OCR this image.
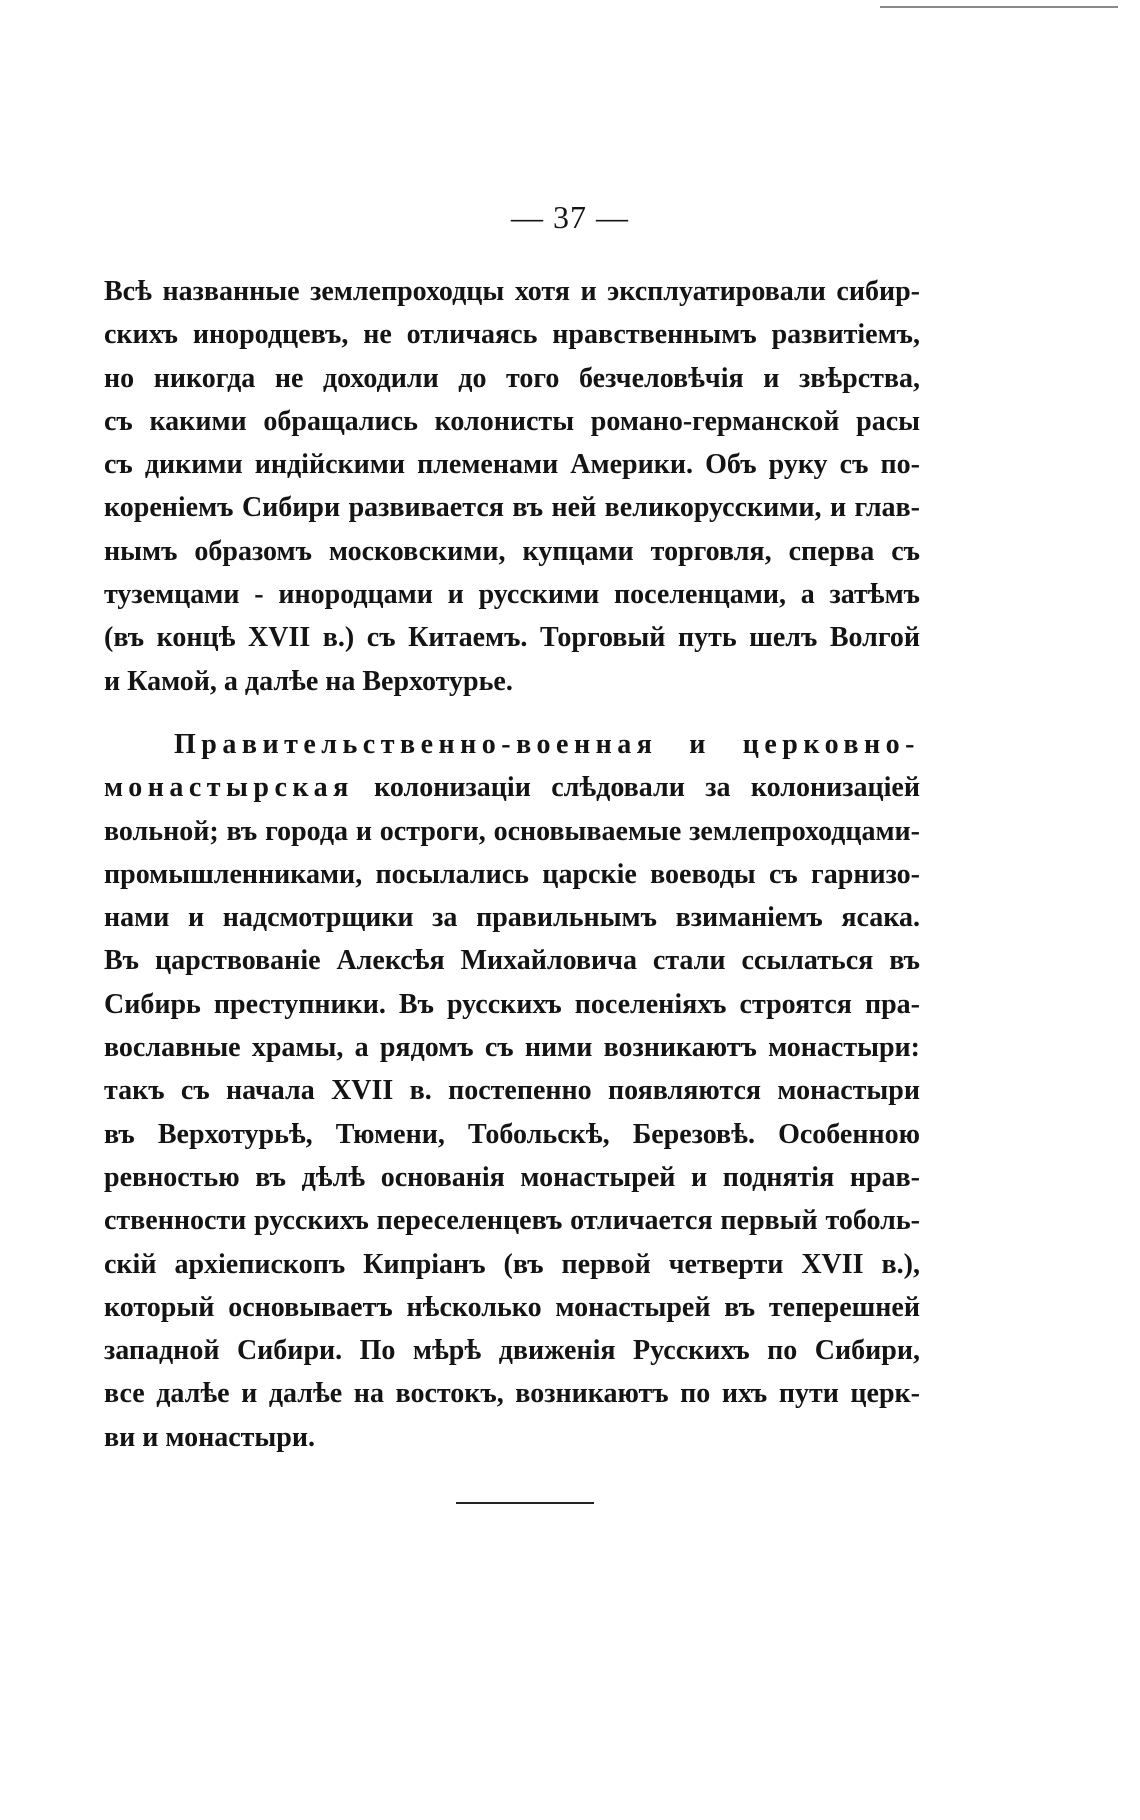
— 37 —
Всѣ названные землепроходцы хотя и эксплуатировали сибир-
скихъ инородцевъ, не отличаясь нравственнымъ развитіемъ,
но никогда не доходили до того безчеловѣчія и звѣрства,
съ какими обращались колонисты романо-германской расы
съ дикими индійскими племенами Америки. Объ руку съ по-
кореніемъ Сибири развивается въ ней великорусскими, и глав-
нымъ образомъ московскими, купцами торговля, сперва съ
туземцами - инородцами и русскими поселенцами, а затѣмъ
(въ концѣ XVII в.) съ Китаемъ. Торговый путь шелъ Волгой
и Камой, а далѣе на Верхотурье.
Правительственно-военная и церковно-
монастырская колонизаціи слѣдовали за колонизаціей
вольной; въ города и остроги, основываемые землепроходцами-
промышленниками, посылались царскіе воеводы съ гарнизо-
нами и надсмотрщики за правильнымъ взиманіемъ ясака.
Въ царствованіе Алексѣя Михайловича стали ссылаться въ
Сибирь преступники. Въ русскихъ поселеніяхъ строятся пра-
вославные храмы, а рядомъ съ ними возникаютъ монастыри:
такъ съ начала XVII в. постепенно появляются монастыри
въ Верхотурьѣ, Тюмени, Тобольскѣ, Березовѣ. Особенною
ревностью въ дѣлѣ основанія монастырей и поднятія нрав-
ственности русскихъ переселенцевъ отличается первый тоболь-
скій архіепископъ Кипріанъ (въ первой четверти XVII в.),
который основываетъ нѣсколько монастырей въ теперешней
западной Сибири. По мѣрѣ движенія Русскихъ по Сибири,
все далѣе и далѣе на востокъ, возникаютъ по ихъ пути церк-
ви и монастыри.
